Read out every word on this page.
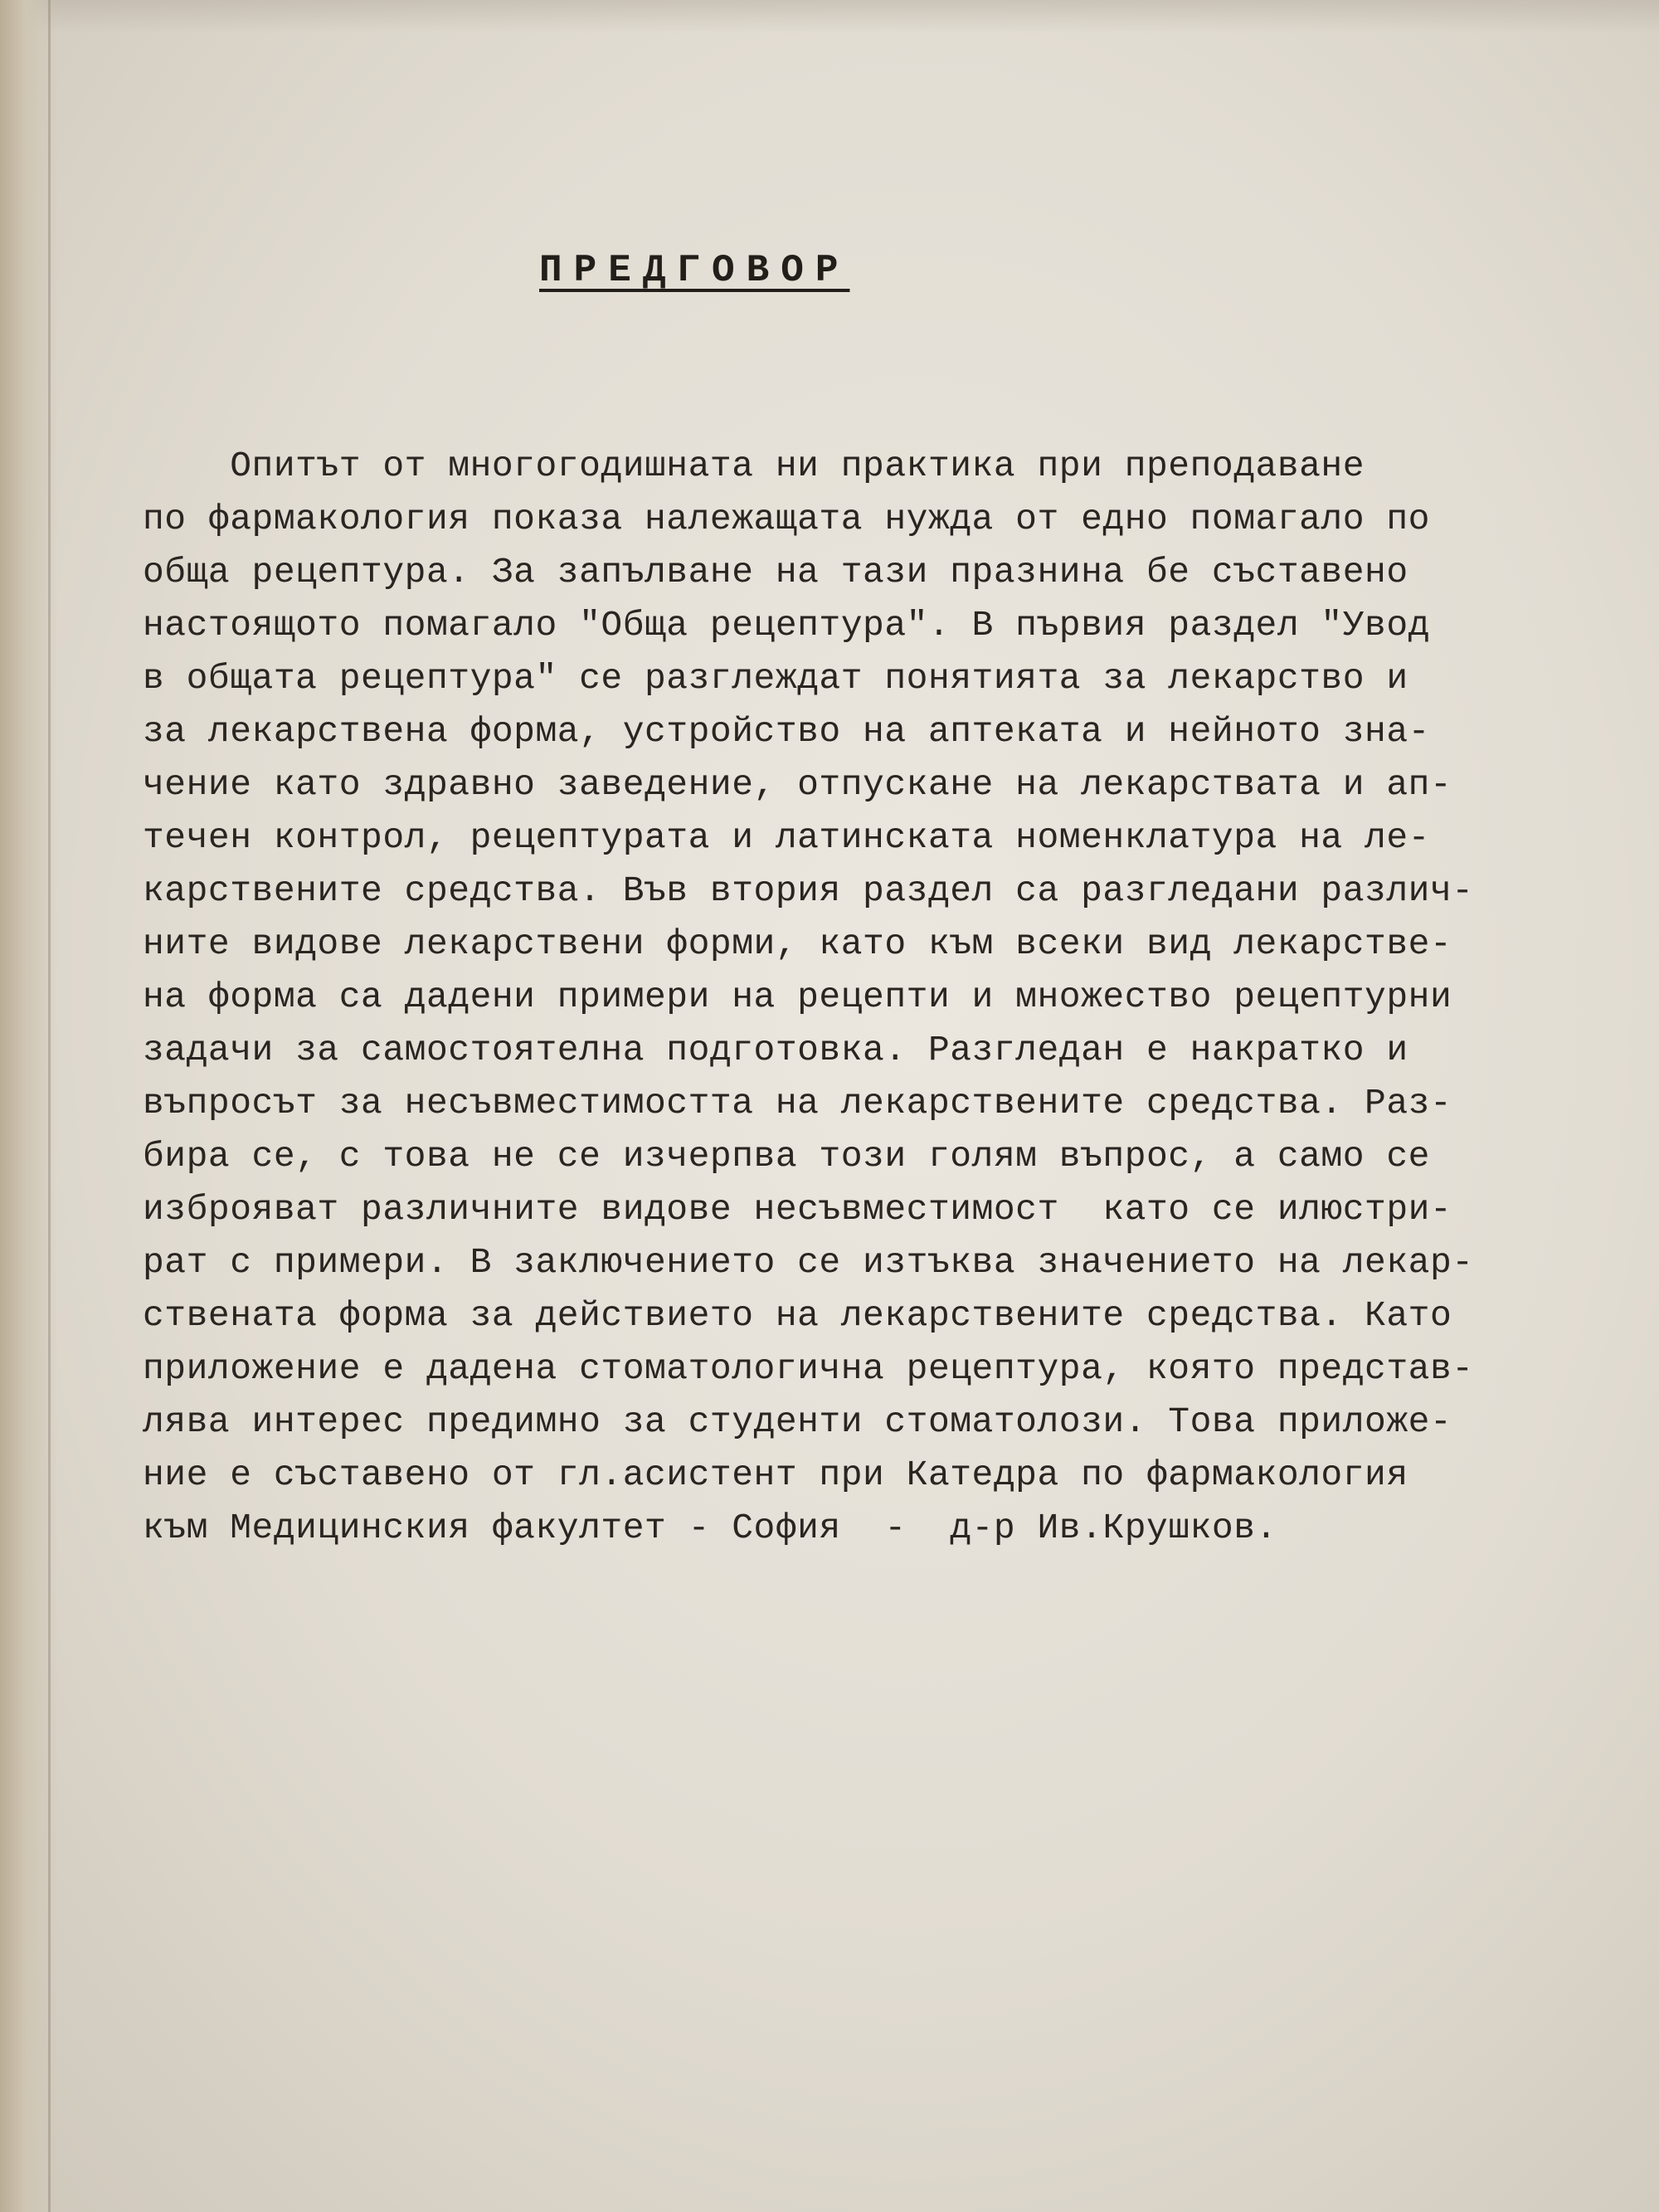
ПРЕДГОВОР
Опитът от многогодишната ни практика при преподаване
по фармакология показа належащата нужда от едно помагало по
обща рецептура. За запълване на тази празнина бе съставено
настоящото помагало "Обща рецептура". В първия раздел "Увод
в общата рецептура" се разглеждат понятията за лекарство и
за лекарствена форма, устройство на аптеката и нейното зна-
чение като здравно заведение, отпускане на лекарствата и ап-
течен контрол, рецептурата и латинската номенклатура на ле-
карствените средства. Във втория раздел са разгледани различ-
ните видове лекарствени форми, като към всеки вид лекарстве-
на форма са дадени примери на рецепти и множество рецептурни
задачи за самостоятелна подготовка. Разгледан е накратко и
въпросът за несъвместимостта на лекарствените средства. Раз-
бира се, с това не се изчерпва този голям въпрос, а само се
изброяват различните видове несъвместимост  като се илюстри-
рат с примери. В заключението се изтъква значението на лекар-
ствената форма за действието на лекарствените средства. Като
приложение е дадена стоматологична рецептура, която представ-
лява интерес предимно за студенти стоматолози. Това приложе-
ние е съставено от гл.асистент при Катедра по фармакология
към Медицинския факултет - София  -  д-р Ив.Крушков.
